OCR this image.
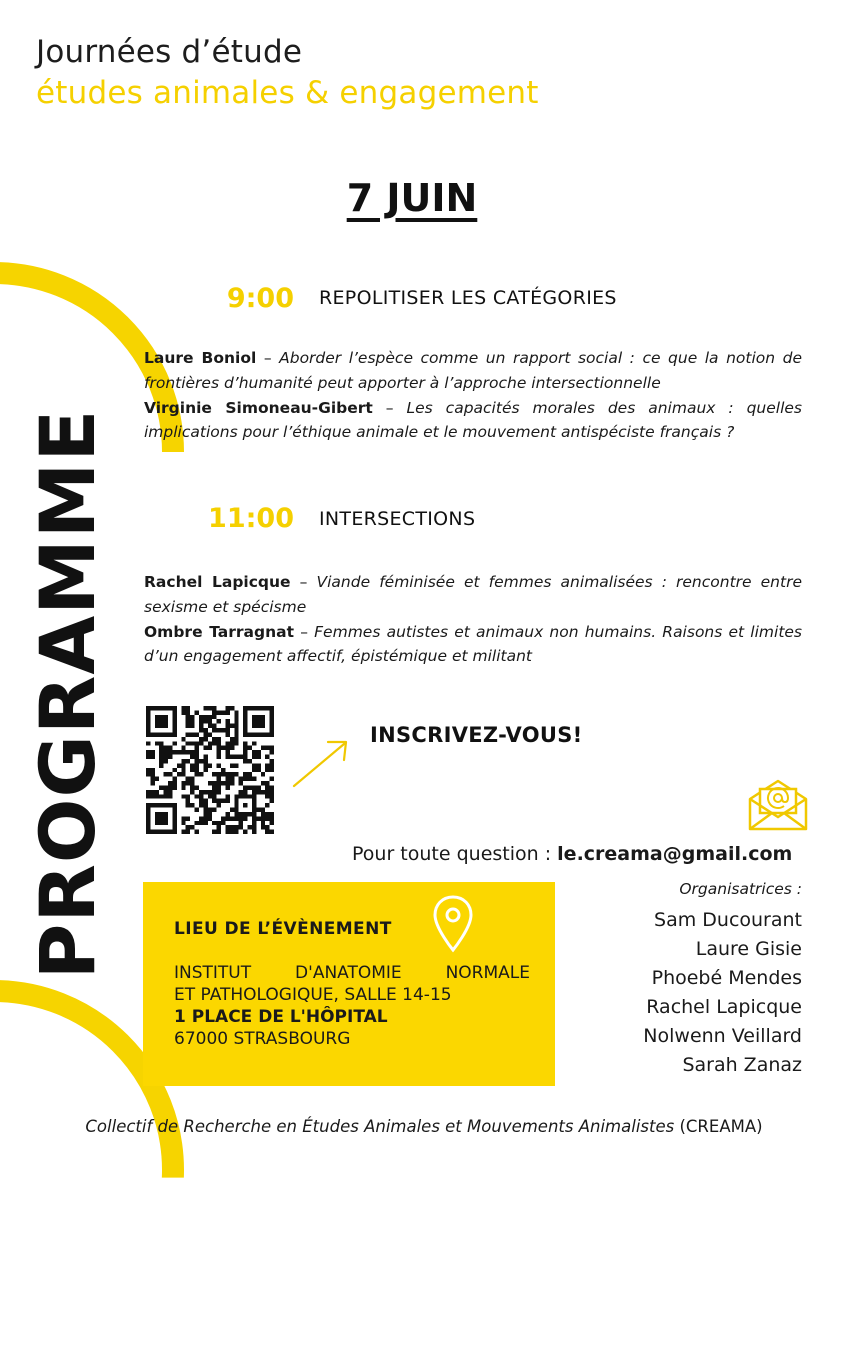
Journées d’étude
études animales & engagement
7 JUIN
PROGRAMME
9:00 REPOLITISER LES CATÉGORIES

Laure Boniol – Aborder l’espèce comme un rapport social : ce que la notion de frontières d’humanité peut apporter à l’approche intersectionnelle

Virginie Simoneau-Gibert – Les capacités morales des animaux : quelles implications pour l’éthique animale et le mouvement antispéciste français ?

11:00 INTERSECTIONS

Rachel Lapicque – Viande féminisée et femmes animalisées : rencontre entre sexisme et spécisme

Ombre Tarragnat – Femmes autistes et animaux non humains. Raisons et limites d’un engagement affectif, épistémique et militant

INSCRIVEZ-VOUS!
Pour toute question : le.creama@gmail.com
LIEU DE L’ÉVÈNEMENT
INSTITUT D'ANATOMIE NORMALE
ET PATHOLOGIQUE, SALLE 14-15
1 PLACE DE L'HÔPITAL
67000 STRASBOURG
Organisatrices :
Sam Ducourant
Laure Gisie
Phoebé Mendes
Rachel Lapicque
Nolwenn Veillard
Sarah Zanaz
Collectif de Recherche en Études Animales et Mouvements Animalistes (CREAMA)
